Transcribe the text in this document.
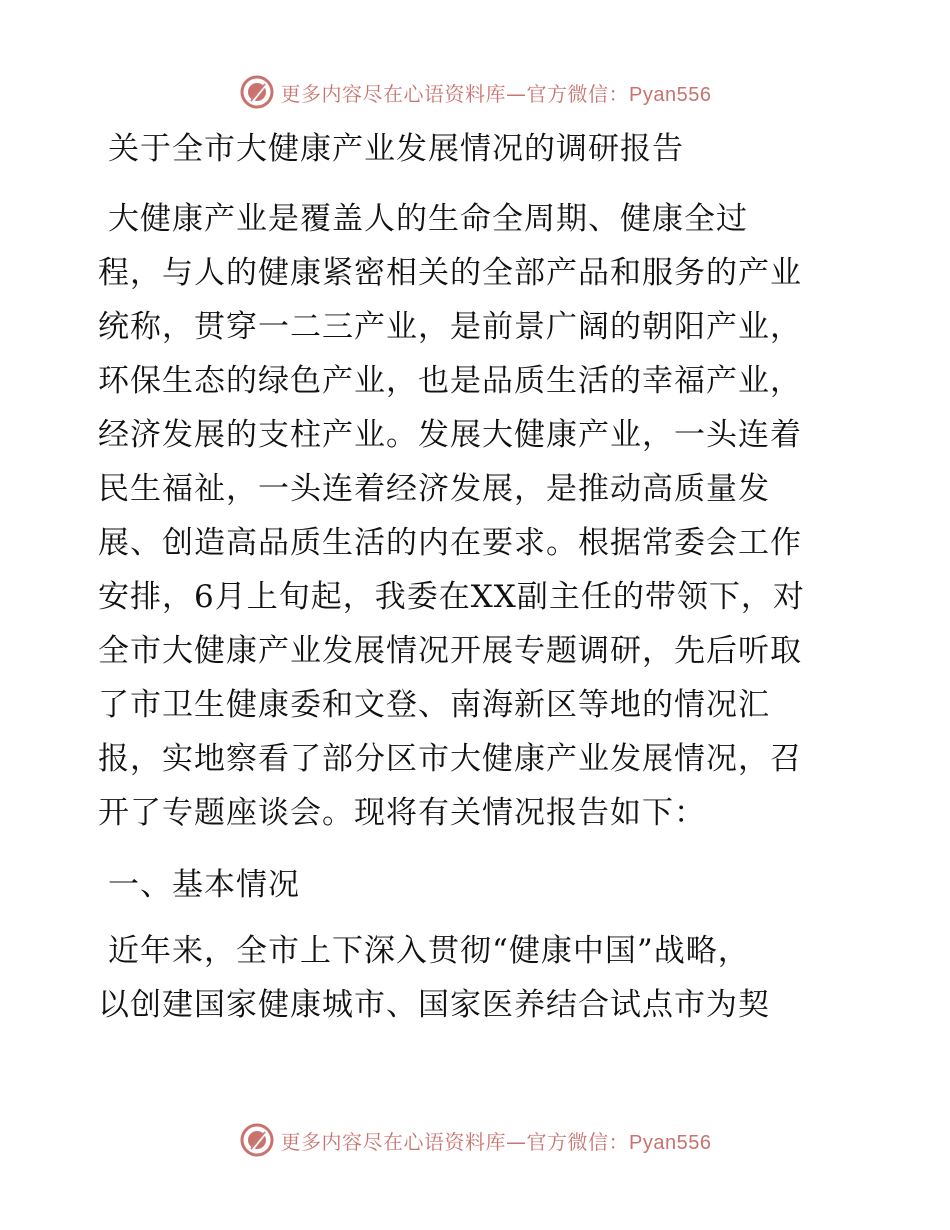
更多内容尽在心语资料库—官方微信：Pyan556
关于全市大健康产业发展情况的调研报告
大健康产业是覆盖人的生命全周期、健康全过
程，与人的健康紧密相关的全部产品和服务的产业
统称，贯穿一二三产业，是前景广阔的朝阳产业，
环保生态的绿色产业，也是品质生活的幸福产业，
经济发展的支柱产业。发展大健康产业，一头连着
民生福祉，一头连着经济发展，是推动高质量发
展、创造高品质生活的内在要求。根据常委会工作
安排，6月上旬起，我委在XX副主任的带领下，对
全市大健康产业发展情况开展专题调研，先后听取
了市卫生健康委和文登、南海新区等地的情况汇
报，实地察看了部分区市大健康产业发展情况，召
开了专题座谈会。现将有关情况报告如下：
一、基本情况
近年来，全市上下深入贯彻“健康中国”战略，
以创建国家健康城市、国家医养结合试点市为契
更多内容尽在心语资料库—官方微信：Pyan556
